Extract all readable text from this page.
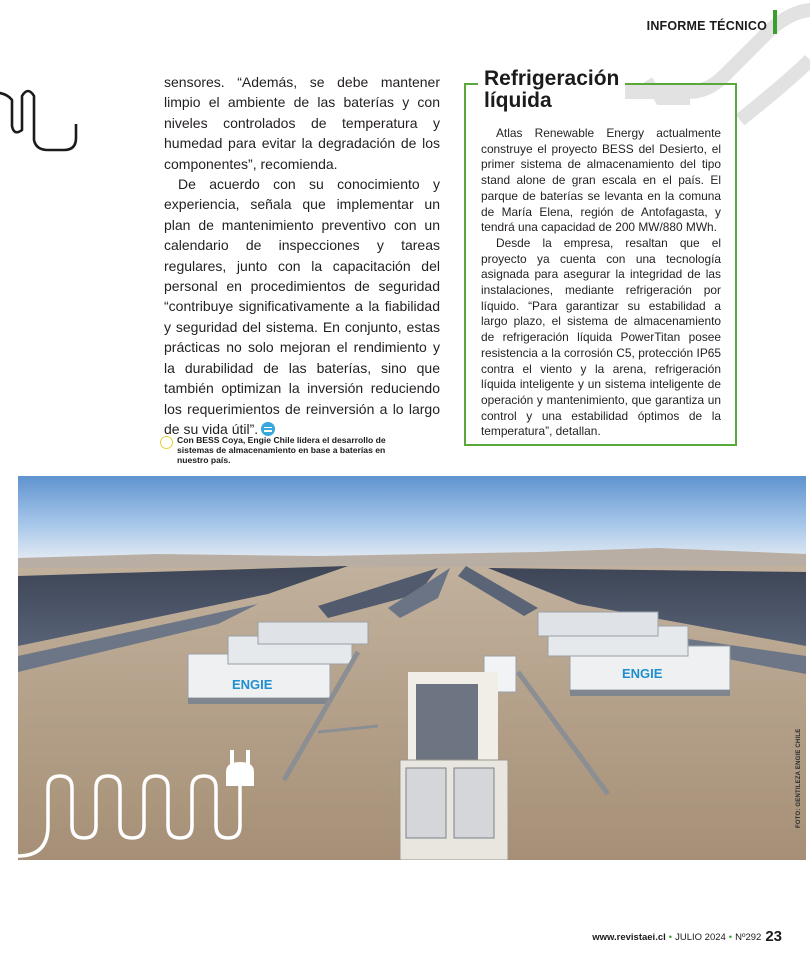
INFORME TÉCNICO

sensores. “Además, se debe mantener limpio el ambiente de las baterías y con niveles controlados de temperatura y humedad para evitar la degradación de los componentes”, recomienda.

De acuerdo con su conocimiento y experiencia, señala que implementar un plan de mantenimiento preventivo con un calendario de inspecciones y tareas regulares, junto con la capacitación del personal en procedimientos de seguridad “contribuye significativamente a la fiabilidad y seguridad del sistema. En conjunto, estas prácticas no solo mejoran el rendimiento y la durabilidad de las baterías, sino que también optimizan la inversión reduciendo los requerimientos de reinversión a lo largo de su vida útil”.

Con BESS Coya, Engie Chile lidera el desarrollo de sistemas de almacenamiento en base a baterías en nuestro país.
Refrigeración
líquida

Atlas Renewable Energy actualmente construye el proyecto BESS del Desierto, el primer sistema de almacenamiento del tipo stand alone de gran escala en el país. El parque de baterías se levanta en la comuna de María Elena, región de Antofagasta, y tendrá una capacidad de 200 MW/880 MWh.

Desde la empresa, resaltan que el proyecto ya cuenta con una tecnología asignada para asegurar la integridad de las instalaciones, mediante refrigeración por líquido. “Para garantizar su estabilidad a largo plazo, el sistema de almacenamiento de refrigeración líquida PowerTitan posee resistencia a la corrosión C5, protección IP65 contra el viento y la arena, refrigeración líquida inteligente y un sistema inteligente de operación y mantenimiento, que garantiza un control y una estabilidad óptimos de la temperatura”, detallan.

ENGIE
ENGIE
FOTO: GENTILEZA ENGIE CHILE
www.revistaei.cl • JULIO 2024 • Nº292 23
